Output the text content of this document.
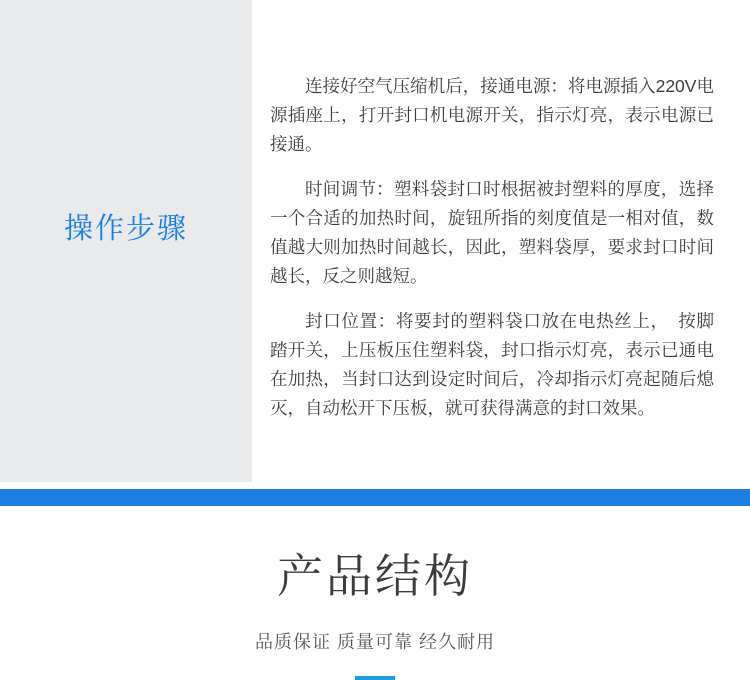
操作步骤

连接好空气压缩机后，接通电源：将电源插入220V电源插座上，打开封口机电源开关，指示灯亮，表示电源已接通。

时间调节：塑料袋封口时根据被封塑料的厚度，选择一个合适的加热时间，旋钮所指的刻度值是一相对值，数值越大则加热时间越长，因此，塑料袋厚，要求封口时间越长，反之则越短。

封口位置：将要封的塑料袋口放在电热丝上，　按脚踏开关，上压板压住塑料袋，封口指示灯亮，表示已通电在加热，当封口达到设定时间后，冷却指示灯亮起随后熄灭，自动松开下压板，就可获得满意的封口效果。

产品结构

品质保证 质量可靠 经久耐用
